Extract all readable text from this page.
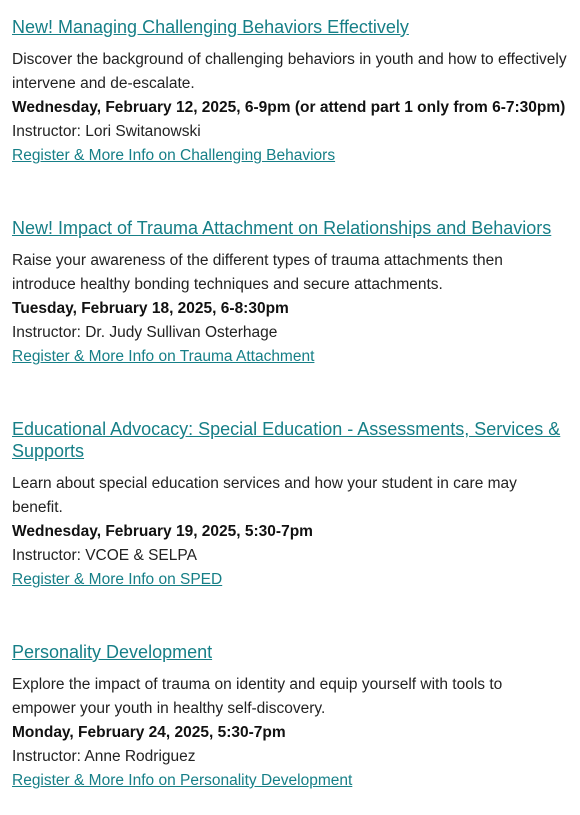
New! Managing Challenging Behaviors Effectively

Discover the background of challenging behaviors in youth and how to effectively intervene and de-escalate.

Wednesday, February 12, 2025, 6-9pm (or attend part 1 only from 6-7:30pm)

Instructor: Lori Switanowski

Register & More Info on Challenging Behaviors
New! Impact of Trauma Attachment on Relationships and Behaviors

Raise your awareness of the different types of trauma attachments then introduce healthy bonding techniques and secure attachments.

Tuesday, February 18, 2025, 6-8:30pm

Instructor: Dr. Judy Sullivan Osterhage

Register & More Info on Trauma Attachment
Educational Advocacy: Special Education - Assessments, Services & Supports

Learn about special education services and how your student in care may benefit.

Wednesday, February 19, 2025, 5:30-7pm

Instructor: VCOE & SELPA

Register & More Info on SPED
Personality Development

Explore the impact of trauma on identity and equip yourself with tools to empower your youth in healthy self-discovery.

Monday, February 24, 2025, 5:30-7pm

Instructor: Anne Rodriguez

Register & More Info on Personality Development
